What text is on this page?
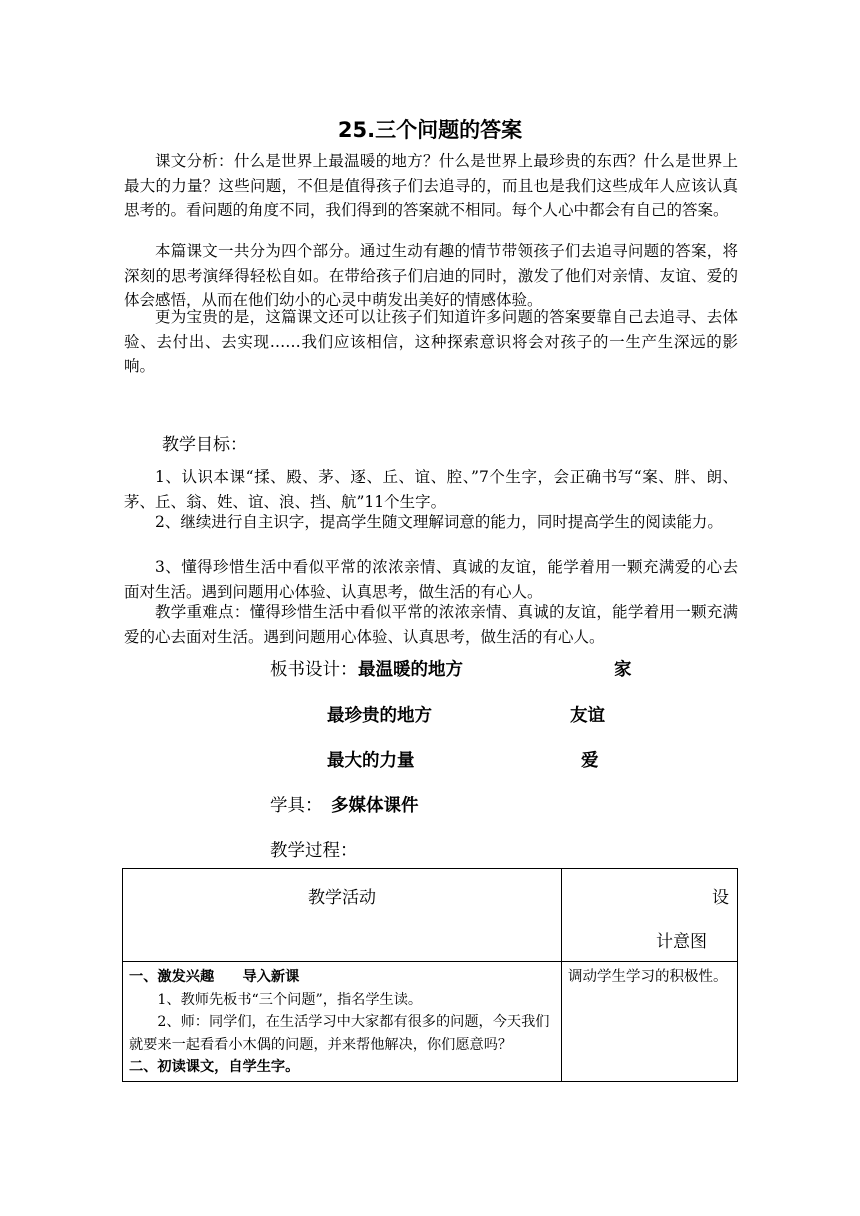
25.三个问题的答案

课文分析：什么是世界上最温暖的地方？什么是世界上最珍贵的东西？什么是世界上最大的力量？这些问题，不但是值得孩子们去追寻的，而且也是我们这些成年人应该认真思考的。看问题的角度不同，我们得到的答案就不相同。每个人心中都会有自己的答案。

本篇课文一共分为四个部分。通过生动有趣的情节带领孩子们去追寻问题的答案，将深刻的思考演绎得轻松自如。在带给孩子们启迪的同时，激发了他们对亲情、友谊、爱的体会感悟，从而在他们幼小的心灵中萌发出美好的情感体验。

更为宝贵的是，这篇课文还可以让孩子们知道许多问题的答案要靠自己去追寻、去体验、去付出、去实现……我们应该相信，这种探索意识将会对孩子的一生产生深远的影响。

教学目标：

1、认识本课“揉、殿、茅、逐、丘、谊、腔、”7个生字，会正确书写“案、胖、朗、茅、丘、翁、姓、谊、浪、挡、航”11个生字。

2、继续进行自主识字，提高学生随文理解词意的能力，同时提高学生的阅读能力。

3、懂得珍惜生活中看似平常的浓浓亲情、真诚的友谊，能学着用一颗充满爱的心去面对生活。遇到问题用心体验、认真思考，做生活的有心人。

教学重难点：懂得珍惜生活中看似平常的浓浓亲情、真诚的友谊，能学着用一颗充满爱的心去面对生活。遇到问题用心体验、认真思考，做生活的有心人。

板书设计： 最温暖的地方	家
最珍贵的地方	友谊
最大的力量	爱
学具： 多媒体课件
教学过程：
教学活动	设
计意图

一、激发兴趣　　导入新课
1、教师先板书“三个问题”，指名学生读。
2、师：同学们，在生活学习中大家都有很多的问题，今天我们就要来一起看看小木偶的问题，并来帮他解决，你们愿意吗？
二、初读课文，自学生字。	调动学生学习的积极性。
